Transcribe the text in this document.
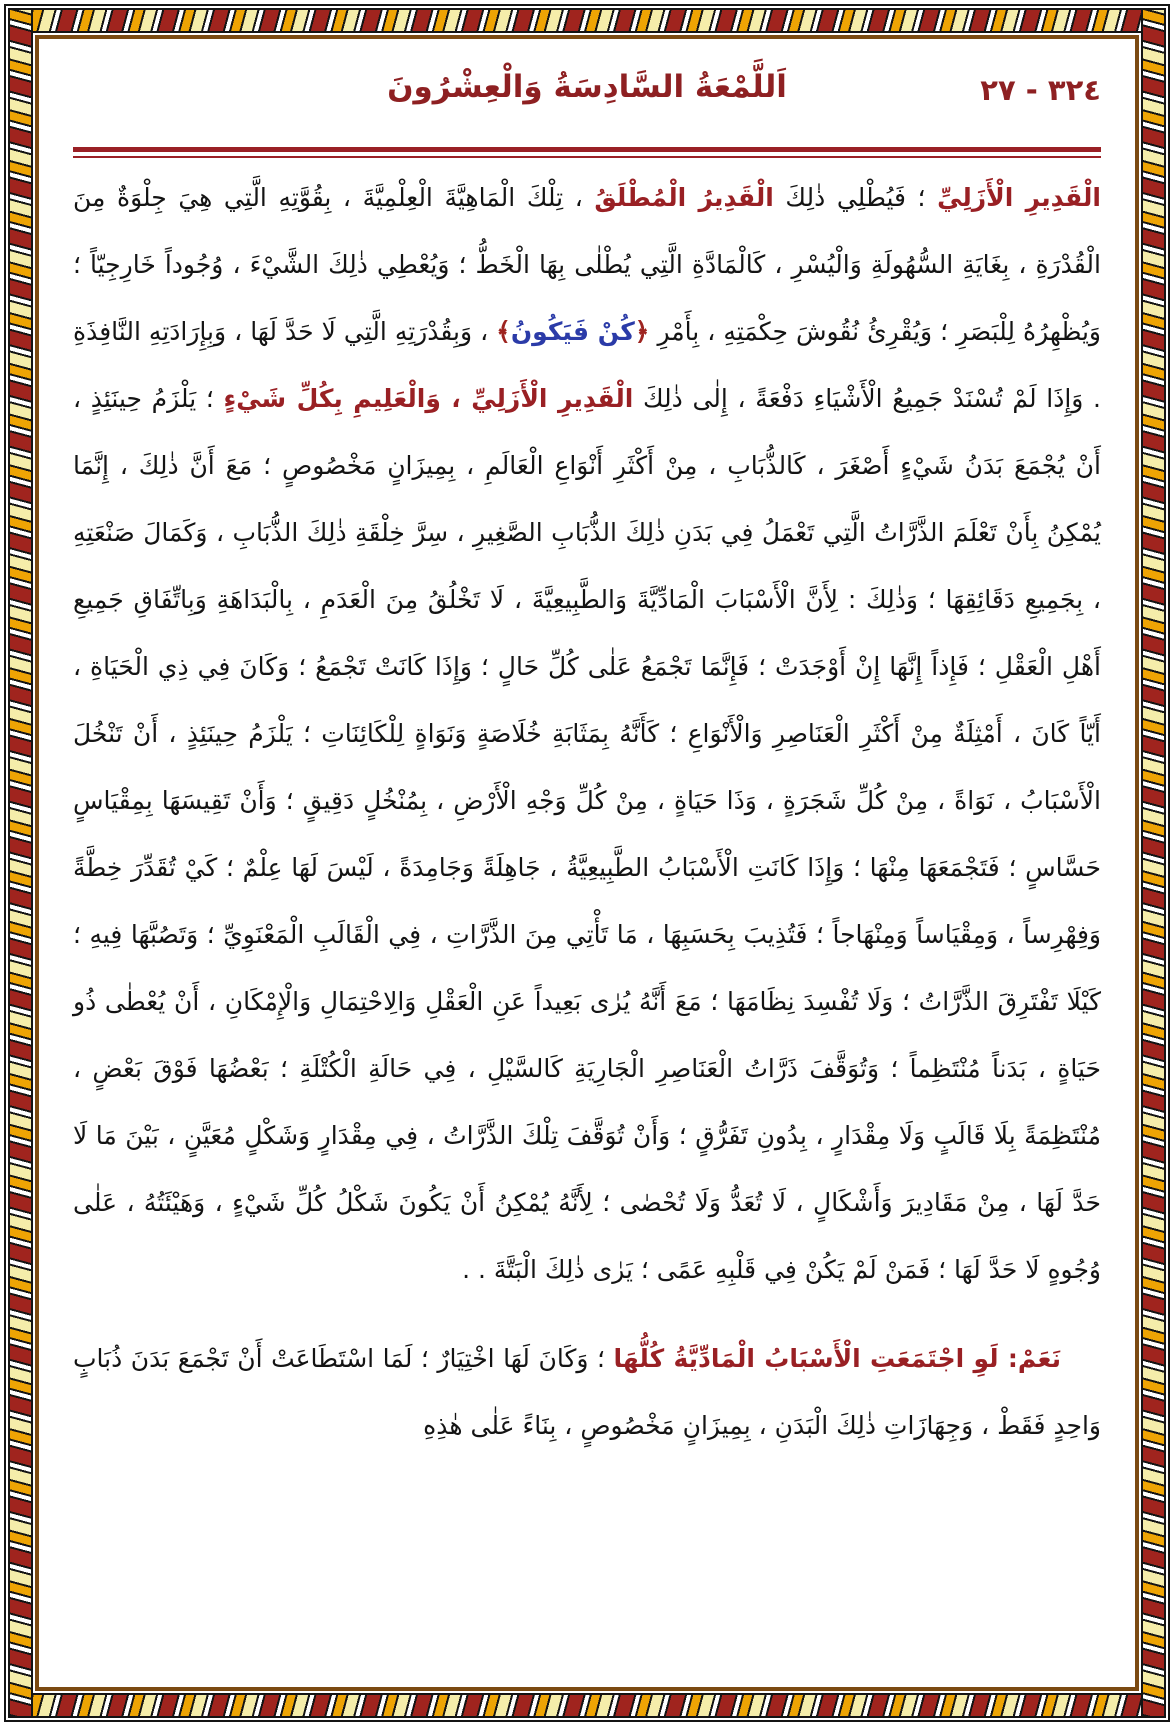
اَللَّمْعَةُ السَّادِسَةُ وَالْعِشْرُونَ	٣٢٤ - ٢٧

الْقَدِيرِ الْأَزَلِيِّ ؛ فَيُطْلِي ذٰلِكَ الْقَدِيرُ الْمُطْلَقُ ، تِلْكَ الْمَاهِيَّةَ الْعِلْمِيَّةَ ، بِقُوَّتِهِ الَّتِي هِيَ جِلْوَةٌ مِنَ الْقُدْرَةِ ، بِغَايَةِ السُّهُولَةِ وَالْيُسْرِ ، كَالْمَادَّةِ الَّتِي يُطْلٰى بِهَا الْخَطُّ ؛ وَيُعْطِي ذٰلِكَ الشَّيْءَ ، وُجُوداً خَارِجِيّاً ؛ وَيُظْهِرُهُ لِلْبَصَرِ ؛ وَيُقْرِئُ نُقُوشَ حِكْمَتِهِ ، بِأَمْرِ ﴿كُنْ فَيَكُونُ﴾ ، وَبِقُدْرَتِهِ الَّتِي لَا حَدَّ لَهَا ، وَبِإِرَادَتِهِ النَّافِذَةِ . وَإِذَا لَمْ تُسْنَدْ جَمِيعُ الْأَشْيَاءِ دَفْعَةً ، إِلٰى ذٰلِكَ الْقَدِيرِ الْأَزَلِيِّ ، وَالْعَلِيمِ بِكُلِّ شَيْءٍ ؛ يَلْزَمُ حِينَئِذٍ ، أَنْ يُجْمَعَ بَدَنُ شَيْءٍ أَصْغَرَ ، كَالذُّبَابِ ، مِنْ أَكْثَرِ أَنْوَاعِ الْعَالَمِ ، بِمِيزَانٍ مَخْصُوصٍ ؛ مَعَ أَنَّ ذٰلِكَ ، إِنَّمَا يُمْكِنُ بِأَنْ تَعْلَمَ الذَّرَّاتُ الَّتِي تَعْمَلُ فِي بَدَنِ ذٰلِكَ الذُّبَابِ الصَّغِيرِ ، سِرَّ خِلْقَةِ ذٰلِكَ الذُّبَابِ ، وَكَمَالَ صَنْعَتِهِ ، بِجَمِيعِ دَقَائِقِهَا ؛ وَذٰلِكَ : لِأَنَّ الْأَسْبَابَ الْمَادِّيَّةَ وَالطَّبِيعِيَّةَ ، لَا تَخْلُقُ مِنَ الْعَدَمِ ، بِالْبَدَاهَةِ وَبِاتِّفَاقِ جَمِيعِ أَهْلِ الْعَقْلِ ؛ فَإِذاً إِنَّهَا إِنْ أَوْجَدَتْ ؛ فَإِنَّمَا تَجْمَعُ عَلٰى كُلِّ حَالٍ ؛ وَإِذَا كَانَتْ تَجْمَعُ ؛ وَكَانَ فِي ذِي الْحَيَاةِ ، أَيّاً كَانَ ، أَمْثِلَةٌ مِنْ أَكْثَرِ الْعَنَاصِرِ وَالْأَنْوَاعِ ؛ كَأَنَّهُ بِمَثَابَةِ خُلَاصَةٍ وَنَوَاةٍ لِلْكَائِنَاتِ ؛ يَلْزَمُ حِينَئِذٍ ، أَنْ تَنْخُلَ الْأَسْبَابُ ، نَوَاةً ، مِنْ كُلِّ شَجَرَةٍ ، وَذَا حَيَاةٍ ، مِنْ كُلِّ وَجْهِ الْأَرْضِ ، بِمُنْخُلٍ دَقِيقٍ ؛ وَأَنْ تَقِيسَهَا بِمِقْيَاسٍ حَسَّاسٍ ؛ فَتَجْمَعَهَا مِنْهَا ؛ وَإِذَا كَانَتِ الْأَسْبَابُ الطَّبِيعِيَّةُ ، جَاهِلَةً وَجَامِدَةً ، لَيْسَ لَهَا عِلْمٌ ؛ كَيْ تُقَدِّرَ خِطَّةً وَفِهْرِساً ، وَمِقْيَاساً وَمِنْهَاجاً ؛ فَتُذِيبَ بِحَسَبِهَا ، مَا تَأْتِي مِنَ الذَّرَّاتِ ، فِي الْقَالَبِ الْمَعْنَوِيِّ ؛ وَتَصُبَّهَا فِيهِ ؛ كَيْلَا تَفْتَرِقَ الذَّرَّاتُ ؛ وَلَا تُفْسِدَ نِظَامَهَا ؛ مَعَ أَنَّهُ يُرٰى بَعِيداً عَنِ الْعَقْلِ وَالِاحْتِمَالِ وَالْإِمْكَانِ ، أَنْ يُعْطٰى ذُو حَيَاةٍ ، بَدَناً مُنْتَظِماً ؛ وَتُوَقَّفَ ذَرَّاتُ الْعَنَاصِرِ الْجَارِيَةِ كَالسَّيْلِ ، فِي حَالَةِ الْكُتْلَةِ ؛ بَعْضُهَا فَوْقَ بَعْضٍ ، مُنْتَظِمَةً بِلَا قَالَبٍ وَلَا مِقْدَارٍ ، بِدُونِ تَفَرُّقٍ ؛ وَأَنْ تُوَقَّفَ تِلْكَ الذَّرَّاتُ ، فِي مِقْدَارٍ وَشَكْلٍ مُعَيَّنٍ ، بَيْنَ مَا لَا حَدَّ لَهَا ، مِنْ مَقَادِيرَ وَأَشْكَالٍ ، لَا تُعَدُّ وَلَا تُحْصٰى ؛ لِأَنَّهُ يُمْكِنُ أَنْ يَكُونَ شَكْلُ كُلِّ شَيْءٍ ، وَهَيْئَتُهُ ، عَلٰى وُجُوهٍ لَا حَدَّ لَهَا ؛ فَمَنْ لَمْ يَكُنْ فِي قَلْبِهِ عَمًى ؛ يَرٰى ذٰلِكَ الْبَتَّةَ . .

نَعَمْ: لَوِ اجْتَمَعَتِ الْأَسْبَابُ الْمَادِّيَّةُ كُلُّهَا ؛ وَكَانَ لَهَا اخْتِيَارٌ ؛ لَمَا اسْتَطَاعَتْ أَنْ تَجْمَعَ بَدَنَ ذُبَابٍ وَاحِدٍ فَقَطْ ، وَجِهَازَاتِ ذٰلِكَ الْبَدَنِ ، بِمِيزَانٍ مَخْصُوصٍ ، بِنَاءً عَلٰى هٰذِهِ
